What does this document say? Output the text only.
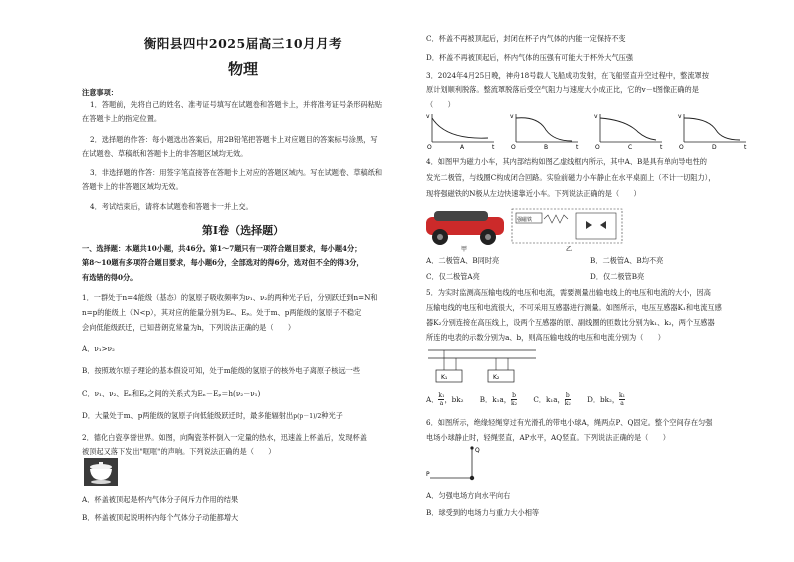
衡阳县四中2025届高三10月月考
物理
注意事项：
1．答题前，先将自己的姓名、准考证号填写在试题卷和答题卡上，并将准考证号条形码粘贴
在答题卡上的指定位置。
2．选择题的作答：每小题选出答案后，用2B铅笔把答题卡上对应题目的答案标号涂黑，写
在试题卷、草稿纸和答题卡上的非答题区域均无效。
3．非选择题的作答：用签字笔直接答在答题卡上对应的答题区域内。写在试题卷、草稿纸和
答题卡上的非答题区域均无效。
4．考试结束后，请将本试题卷和答题卡一并上交。
第Ⅰ卷（选择题）
一、选择题：本题共10小题，共46分。第1～7题只有一项符合题目要求，每小题4分；
第8～10题有多项符合题目要求，每小题6分，全部选对的得6分，选对但不全的得3分，
有选错的得0分。
1．一群处于n=4能级（基态）的氢原子吸收频率为ν₁、ν₂的两种光子后，分别跃迁到n=N和
n=p的能级上（N<p），其对应的能量分别为Eₙ、Eₚ。处于m、p两能级的氢原子不稳定
会向低能级跃迁，已知普朗克常量为h，下列说法正确的是（　　）
A．ν₁>ν₂
B．按照玻尔原子理论的基本假设可知，处于m能级的氢原子的核外电子离原子核远一些
C．ν₁、ν₂、Eₙ和Eₚ之间的关系式为Eₙ－Eₚ＝h(ν₂－ν₁)
D．大量处于m、p两能级的氢原子向低能级跃迁时，最多能辐射出p(p－1)/2种光子
2．德化白瓷享誉世界。如图，向陶瓷茶杯倒入一定量的热水，迅速盖上杯盖后，发现杯盖
被顶起又落下发出"哐哐"的声响。下列说法正确的是（　　）
A．杯盖被顶起是杯内气体分子间斥力作用的结果
B．杯盖被顶起说明杯内每个气体分子动能都增大
C．杯盖不再被顶起后，封闭在杯子内气体的内能一定保持不变
D．杯盖不再被顶起后，杯内气体的压强有可能大于杯外大气压强
3．2024年4月25日晚，神舟18号载人飞船成功发射，在飞船竖直升空过程中，整流罩按
原计划顺利脱落。整流罩脱落后受空气阻力与速度大小成正比，它的v－t图像正确的是
（　　）
v
t
O	A
v
t
O	B
v
t
O	C
v
t
O	D
4．如图甲为磁力小车，其内部结构如图乙虚线框内所示，其中A、B是具有单向导电性的
发光二极管，与线圈C构成闭合回路。实验前磁力小车静止在水平桌面上（不计一切阻力），
现将强磁铁的N极从左边快速靠近小车。下列说法正确的是（　　）
甲
强磁铁
乙
A．二极管A、B同时亮	B．二极管A、B均不亮
C．仅二极管A亮	D．仅二极管B亮
5．为实时监测高压输电线的电压和电流，需要测量出输电线上的电压和电流的大小，因高
压输电线的电压和电流很大，不可采用互感器进行测量。如图所示，电压互感器K₁和电流互感
器K₂分别连接在高压线上，设两个互感器的原、副线圈的匝数比分别为k₁、k₂，两个互感器
所连的电表的示数分别为a、b，则高压输电线的电压和电流分别为（　　）
K₁	K₂
A． $\frac{\text{k₁}}{a}$ ，bk₂ B．k₁a， $\frac{b}{\text{k₂}}$ C．k₁a， $\frac{b}{\text{k₂}}$ D．bk₂， $\frac{\text{k₁}}{a}$
6．如图所示，绝缘轻绳穿过有光滑孔的带电小球A，绳两点P、Q固定。整个空间存在匀强
电场小球静止时，轻绳竖直，AP水平，AQ竖直。下列说法正确的是（　　）
P
Q
A．匀强电场方向水平向右
B．球受到的电场力与重力大小相等
